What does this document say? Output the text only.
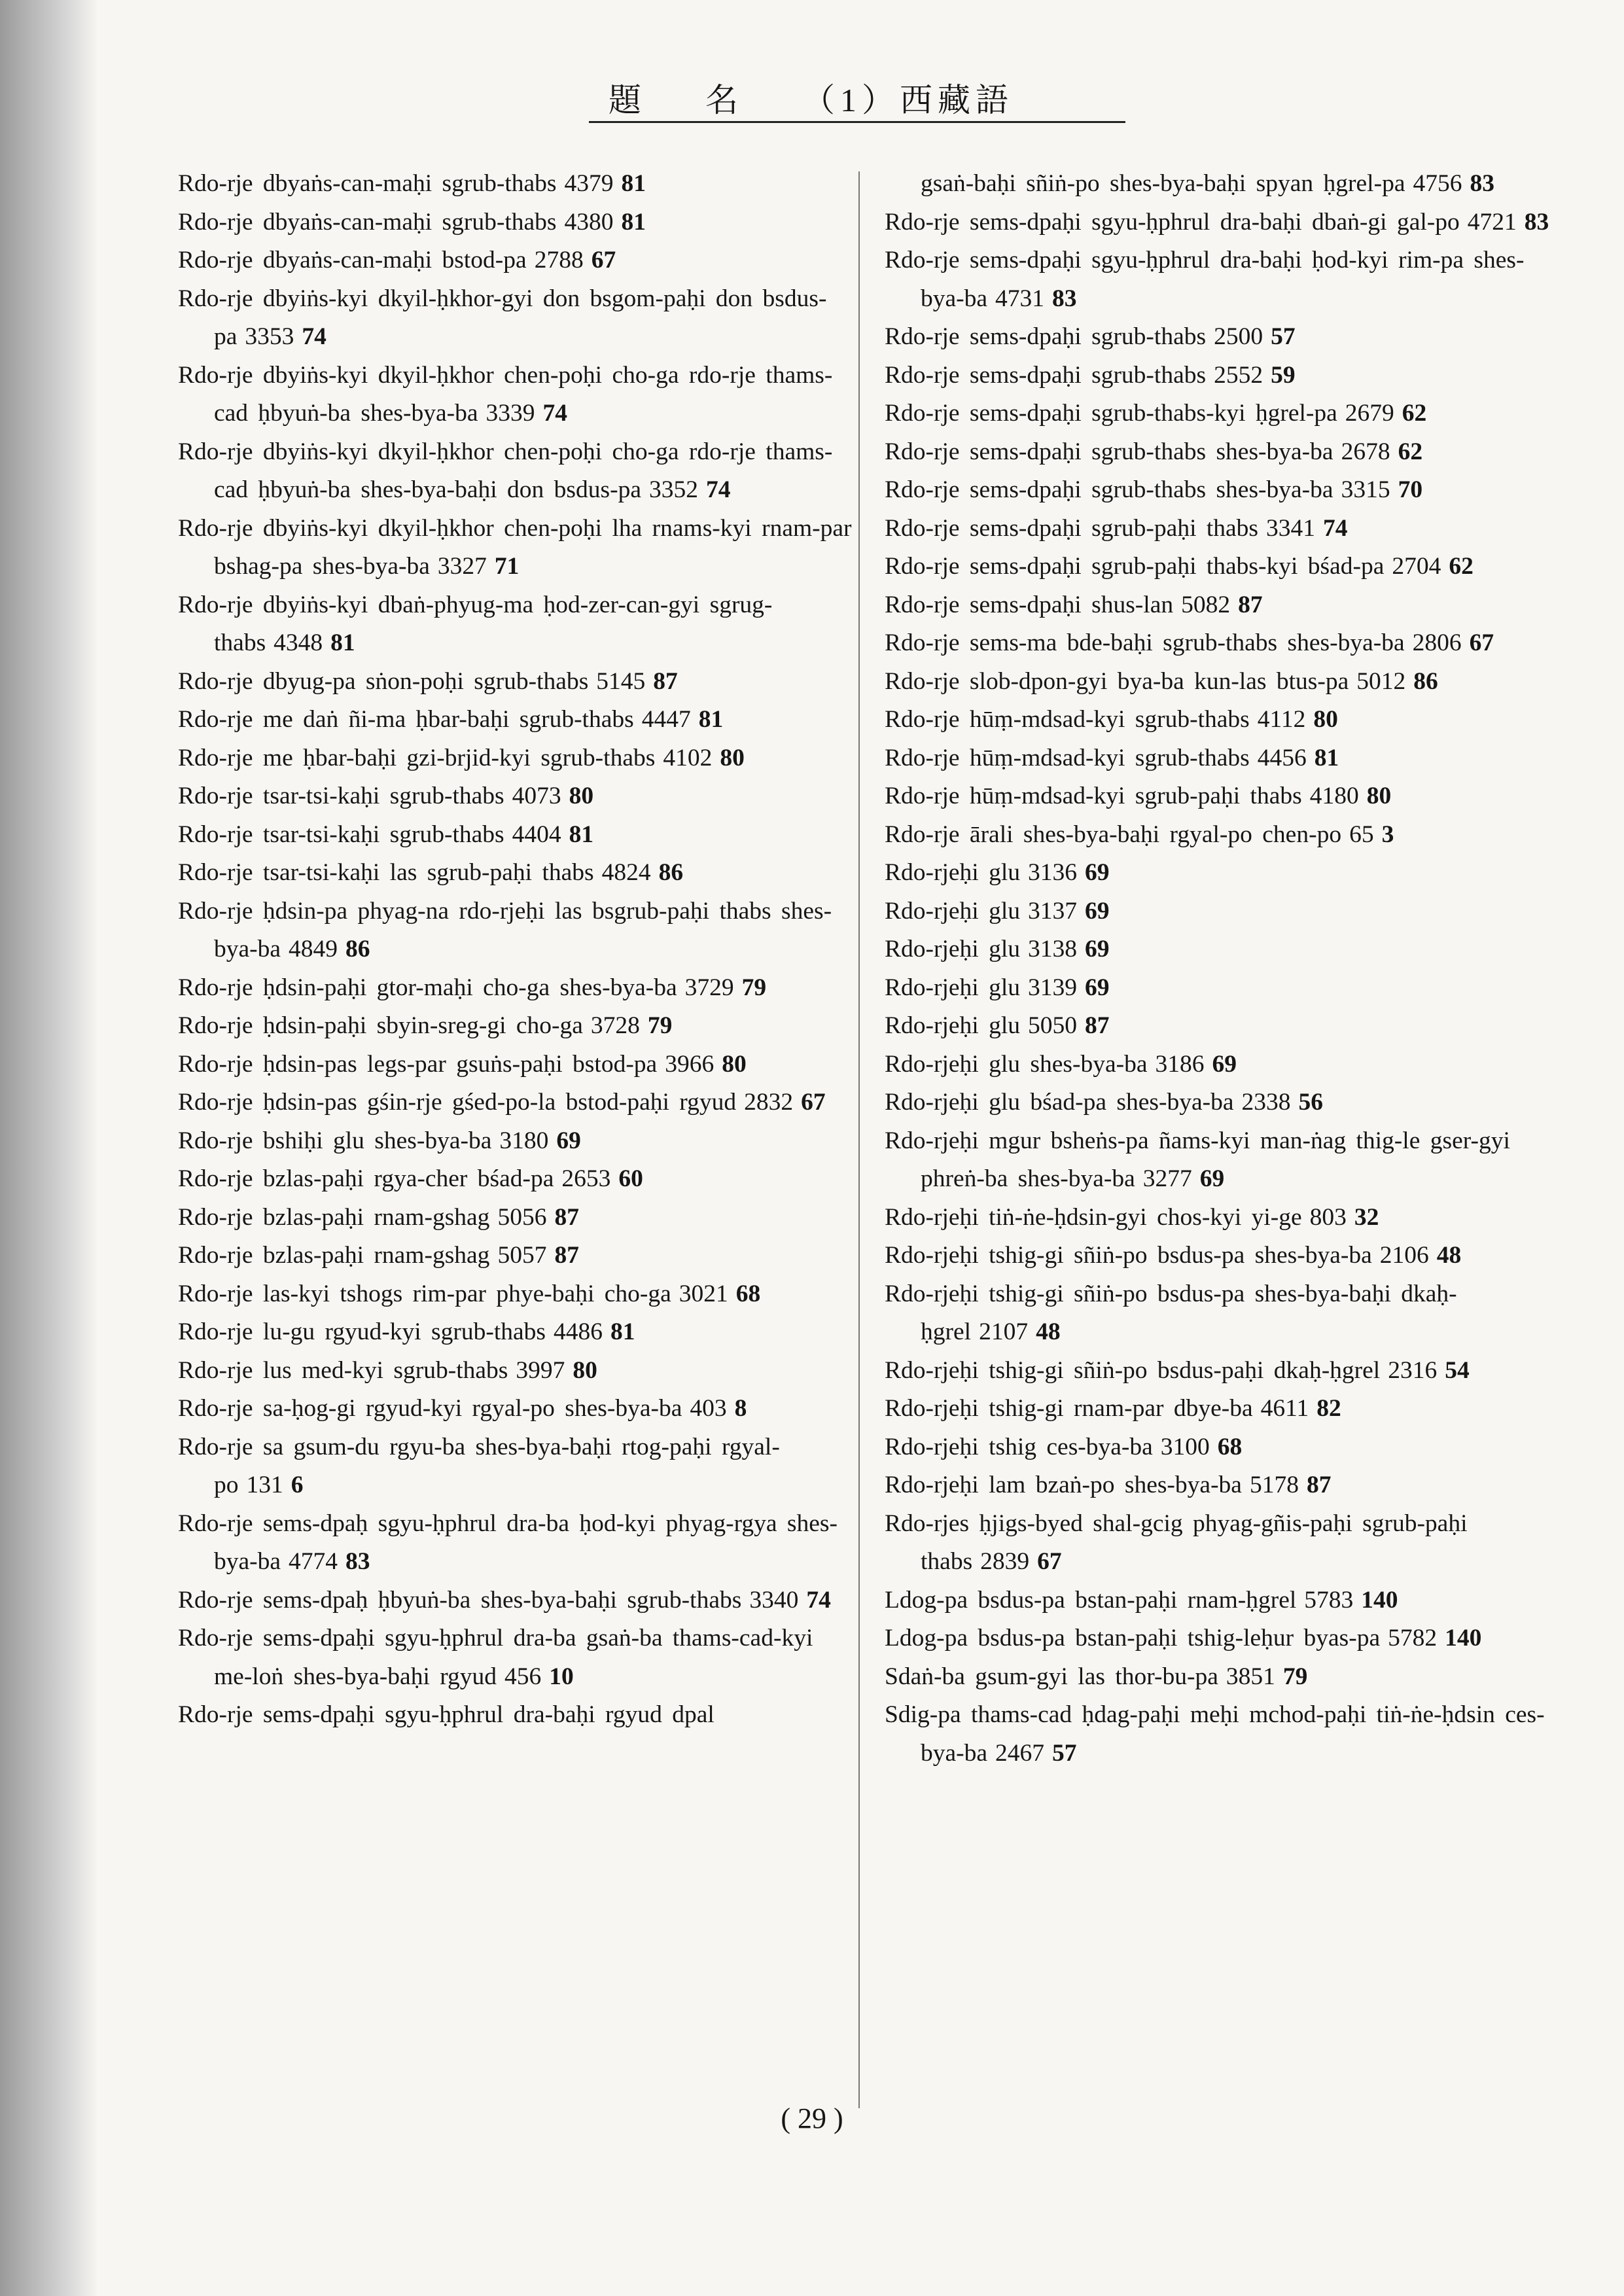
題 名 （1）西藏語
Rdo-rje dbyaṅs-can-maḥi sgrub-thabs 4379 81
Rdo-rje dbyaṅs-can-maḥi sgrub-thabs 4380 81
Rdo-rje dbyaṅs-can-maḥi bstod-pa 2788 67
Rdo-rje dbyiṅs-kyi dkyil-ḥkhor-gyi don bsgom-paḥi don bsdus-pa 3353 74
Rdo-rje dbyiṅs-kyi dkyil-ḥkhor chen-poḥi cho-ga rdo-rje thams-cad ḥbyuṅ-ba shes-bya-ba 3339 74
Rdo-rje dbyiṅs-kyi dkyil-ḥkhor chen-poḥi cho-ga rdo-rje thams-cad ḥbyuṅ-ba shes-bya-baḥi don bsdus-pa 3352 74
Rdo-rje dbyiṅs-kyi dkyil-ḥkhor chen-poḥi lha rnams-kyi rnam-par bshag-pa shes-bya-ba 3327 71
Rdo-rje dbyiṅs-kyi dbaṅ-phyug-ma ḥod-zer-can-gyi sgrug-thabs 4348 81
Rdo-rje dbyug-pa sṅon-poḥi sgrub-thabs 5145 87
Rdo-rje me daṅ ñi-ma ḥbar-baḥi sgrub-thabs 4447 81
Rdo-rje me ḥbar-baḥi gzi-brjid-kyi sgrub-thabs 4102 80
Rdo-rje tsar-tsi-kaḥi sgrub-thabs 4073 80
Rdo-rje tsar-tsi-kaḥi sgrub-thabs 4404 81
Rdo-rje tsar-tsi-kaḥi las sgrub-paḥi thabs 4824 86
Rdo-rje ḥdsin-pa phyag-na rdo-rjeḥi las bsgrub-paḥi thabs shes-bya-ba 4849 86
Rdo-rje ḥdsin-paḥi gtor-maḥi cho-ga shes-bya-ba 3729 79
Rdo-rje ḥdsin-paḥi sbyin-sreg-gi cho-ga 3728 79
Rdo-rje ḥdsin-pas legs-par gsuṅs-paḥi bstod-pa 3966 80
Rdo-rje ḥdsin-pas gśin-rje gśed-po-la bstod-paḥi rgyud 2832 67
Rdo-rje bshiḥi glu shes-bya-ba 3180 69
Rdo-rje bzlas-paḥi rgya-cher bśad-pa 2653 60
Rdo-rje bzlas-paḥi rnam-gshag 5056 87
Rdo-rje bzlas-paḥi rnam-gshag 5057 87
Rdo-rje las-kyi tshogs rim-par phye-baḥi cho-ga 3021 68
Rdo-rje lu-gu rgyud-kyi sgrub-thabs 4486 81
Rdo-rje lus med-kyi sgrub-thabs 3997 80
Rdo-rje sa-ḥog-gi rgyud-kyi rgyal-po shes-bya-ba 403 8
Rdo-rje sa gsum-du rgyu-ba shes-bya-baḥi rtog-paḥi rgyal-po 131 6
Rdo-rje sems-dpaḥ sgyu-ḥphrul dra-ba ḥod-kyi phyag-rgya shes-bya-ba 4774 83
Rdo-rje sems-dpaḥ ḥbyuṅ-ba shes-bya-baḥi sgrub-thabs 3340 74
Rdo-rje sems-dpaḥi sgyu-ḥphrul dra-ba gsaṅ-ba thams-cad-kyi me-loṅ shes-bya-baḥi rgyud 456 10
Rdo-rje sems-dpaḥi sgyu-ḥphrul dra-baḥi rgyud dpal
gsaṅ-baḥi sñiṅ-po shes-bya-baḥi spyan ḥgrel-pa 4756 83
Rdo-rje sems-dpaḥi sgyu-ḥphrul dra-baḥi dbaṅ-gi gal-po 4721 83
Rdo-rje sems-dpaḥi sgyu-ḥphrul dra-baḥi ḥod-kyi rim-pa shes-bya-ba 4731 83
Rdo-rje sems-dpaḥi sgrub-thabs 2500 57
Rdo-rje sems-dpaḥi sgrub-thabs 2552 59
Rdo-rje sems-dpaḥi sgrub-thabs-kyi ḥgrel-pa 2679 62
Rdo-rje sems-dpaḥi sgrub-thabs shes-bya-ba 2678 62
Rdo-rje sems-dpaḥi sgrub-thabs shes-bya-ba 3315 70
Rdo-rje sems-dpaḥi sgrub-paḥi thabs 3341 74
Rdo-rje sems-dpaḥi sgrub-paḥi thabs-kyi bśad-pa 2704 62
Rdo-rje sems-dpaḥi shus-lan 5082 87
Rdo-rje sems-ma bde-baḥi sgrub-thabs shes-bya-ba 2806 67
Rdo-rje slob-dpon-gyi bya-ba kun-las btus-pa 5012 86
Rdo-rje hūṃ-mdsad-kyi sgrub-thabs 4112 80
Rdo-rje hūṃ-mdsad-kyi sgrub-thabs 4456 81
Rdo-rje hūṃ-mdsad-kyi sgrub-paḥi thabs 4180 80
Rdo-rje ārali shes-bya-baḥi rgyal-po chen-po 65 3
Rdo-rjeḥi glu 3136 69
Rdo-rjeḥi glu 3137 69
Rdo-rjeḥi glu 3138 69
Rdo-rjeḥi glu 3139 69
Rdo-rjeḥi glu 5050 87
Rdo-rjeḥi glu shes-bya-ba 3186 69
Rdo-rjeḥi glu bśad-pa shes-bya-ba 2338 56
Rdo-rjeḥi mgur bsheṅs-pa ñams-kyi man-ṅag thig-le gser-gyi phreṅ-ba shes-bya-ba 3277 69
Rdo-rjeḥi tiṅ-ṅe-ḥdsin-gyi chos-kyi yi-ge 803 32
Rdo-rjeḥi tshig-gi sñiṅ-po bsdus-pa shes-bya-ba 2106 48
Rdo-rjeḥi tshig-gi sñiṅ-po bsdus-pa shes-bya-baḥi dkaḥ-ḥgrel 2107 48
Rdo-rjeḥi tshig-gi sñiṅ-po bsdus-paḥi dkaḥ-ḥgrel 2316 54
Rdo-rjeḥi tshig-gi rnam-par dbye-ba 4611 82
Rdo-rjeḥi tshig ces-bya-ba 3100 68
Rdo-rjeḥi lam bzaṅ-po shes-bya-ba 5178 87
Rdo-rjes ḥjigs-byed shal-gcig phyag-gñis-paḥi sgrub-paḥi thabs 2839 67
Ldog-pa bsdus-pa bstan-paḥi rnam-ḥgrel 5783 140
Ldog-pa bsdus-pa bstan-paḥi tshig-leḥur byas-pa 5782 140
Sdaṅ-ba gsum-gyi las thor-bu-pa 3851 79
Sdig-pa thams-cad ḥdag-paḥi meḥi mchod-paḥi tiṅ-ṅe-ḥdsin ces-bya-ba 2467 57
( 29 )
